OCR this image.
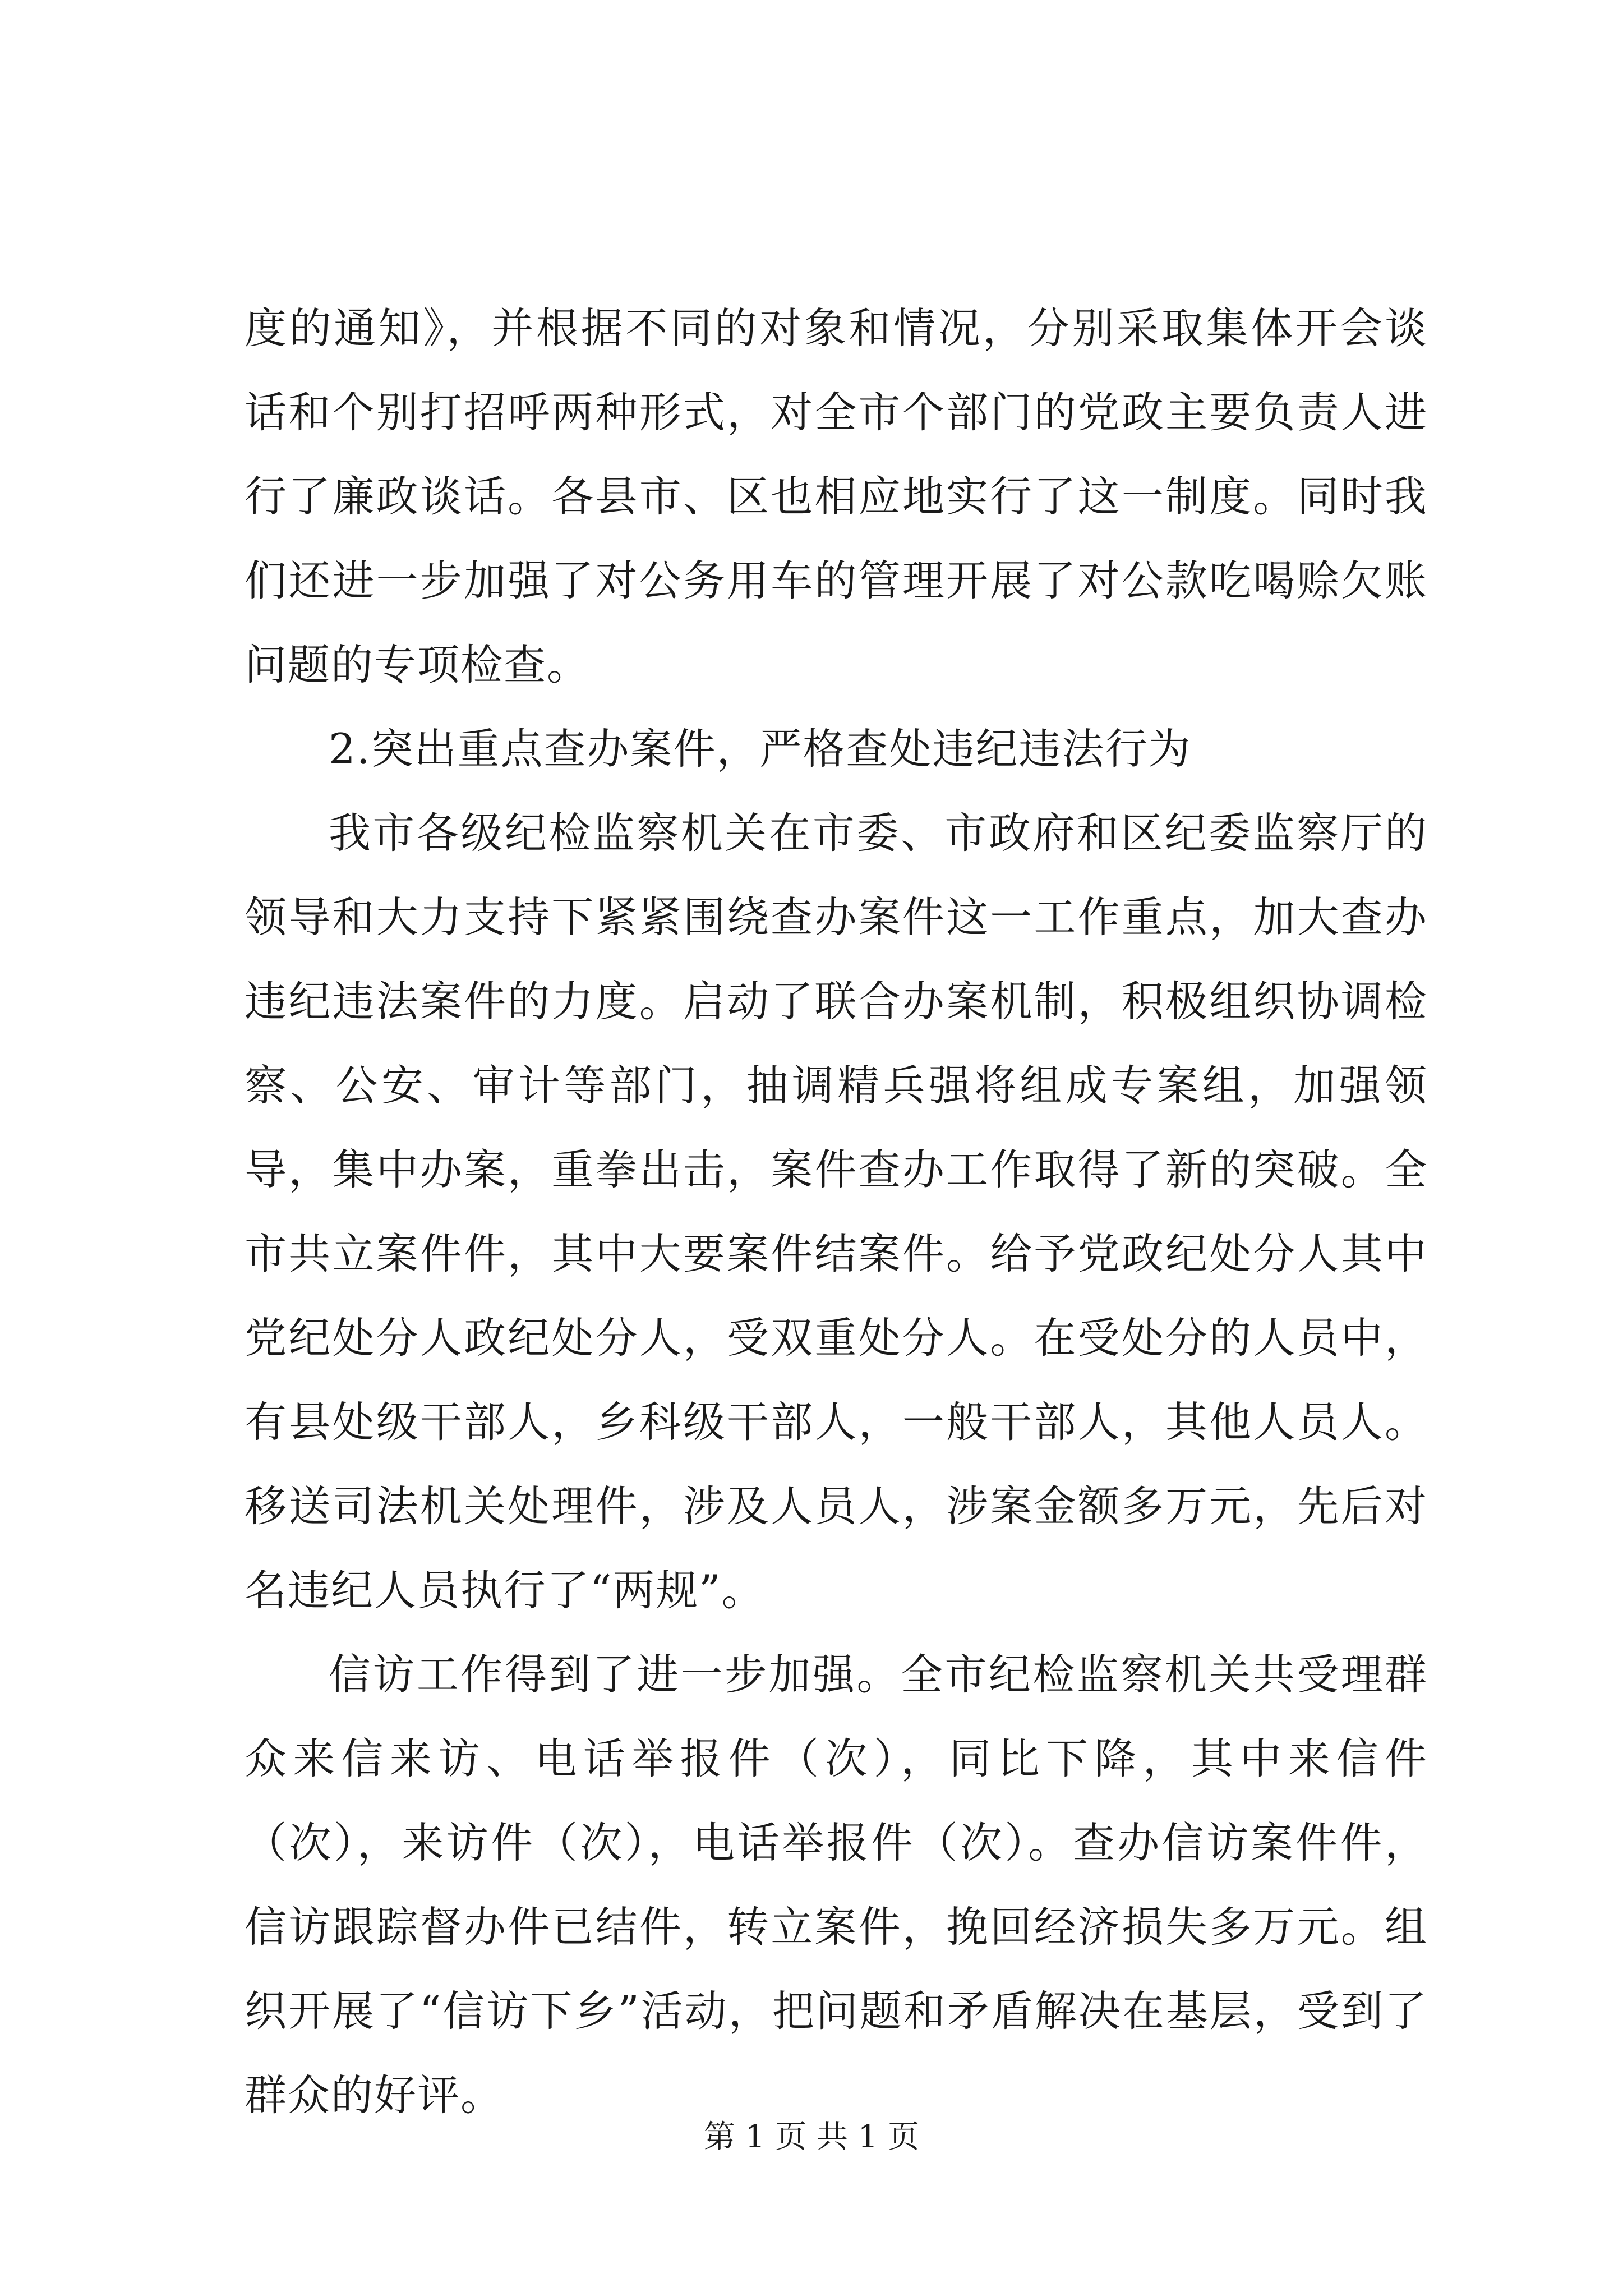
度的通知》，并根据不同的对象和情况，分别采取集体开会谈话和个别打招呼两种形式，对全市个部门的党政主要负责人进行了廉政谈话。各县市、区也相应地实行了这一制度。同时我们还进一步加强了对公务用车的管理开展了对公款吃喝赊欠账问题的专项检查。

2.突出重点查办案件，严格查处违纪违法行为

我市各级纪检监察机关在市委、市政府和区纪委监察厅的领导和大力支持下紧紧围绕查办案件这一工作重点，加大查办违纪违法案件的力度。启动了联合办案机制，积极组织协调检察、公安、审计等部门，抽调精兵强将组成专案组，加强领导，集中办案，重拳出击，案件查办工作取得了新的突破。全市共立案件件，其中大要案件结案件。给予党政纪处分人其中党纪处分人政纪处分人，受双重处分人。在受处分的人员中，有县处级干部人，乡科级干部人，一般干部人，其他人员人。移送司法机关处理件，涉及人员人，涉案金额多万元，先后对名违纪人员执行了“两规”。

信访工作得到了进一步加强。全市纪检监察机关共受理群众来信来访、电话举报件（次），同比下降，其中来信件（次），来访件（次），电话举报件（次）。查办信访案件件，信访跟踪督办件已结件，转立案件，挽回经济损失多万元。组织开展了“信访下乡”活动，把问题和矛盾解决在基层，受到了群众的好评。

第 1 页 共 1 页
